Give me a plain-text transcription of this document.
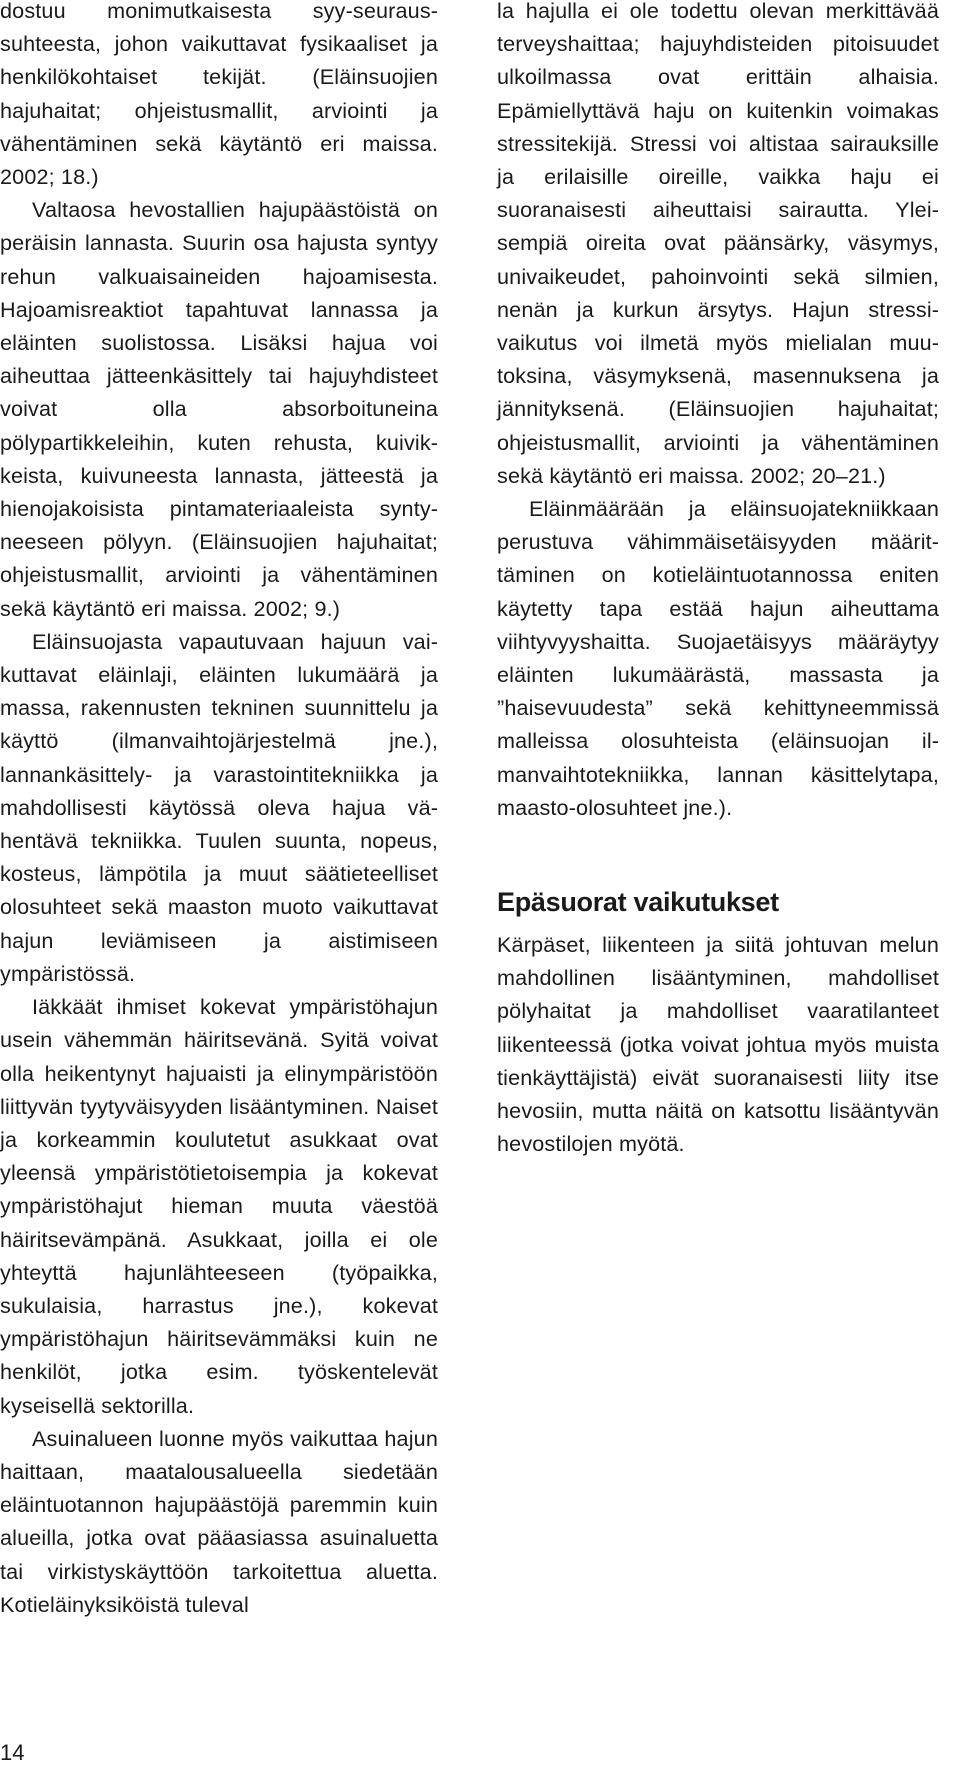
dostuu monimutkaisesta syy-seuraussuhteesta, johon vaikuttavat fysikaaliset ja henkilökohtaiset tekijät. (Eläinsuojien hajuhaitat; ohjeistusmallit, arviointi ja vähentäminen sekä käytäntö eri maissa. 2002; 18.)

Valtaosa hevostallien hajupäästöistä on peräisin lannasta. Suurin osa hajusta syntyy rehun valkuaisaineiden hajoamisesta. Hajoamisreaktiot tapahtuvat lannassa ja eläinten suolistossa. Lisäksi hajua voi aiheuttaa jätteenkäsittely tai hajuyhdisteet voivat olla absorboituneina pölypartikkeleihin, kuten rehusta, kuivikkeista, kuivuneesta lannasta, jätteestä ja hienojakoisista pintamateriaaleista syntyneeseen pölyyn. (Eläinsuojien hajuhaitat; ohjeistusmallit, arviointi ja vähentäminen sekä käytäntö eri maissa. 2002; 9.)

Eläinsuojasta vapautuvaan hajuun vaikuttavat eläinlaji, eläinten lukumäärä ja massa, rakennusten tekninen suunnittelu ja käyttö (ilmanvaihtojärjestelmä jne.), lannankäsittely- ja varastointitekniikka ja mahdollisesti käytössä oleva hajua vähentävä tekniikka. Tuulen suunta, nopeus, kosteus, lämpötila ja muut säätieteelliset olosuhteet sekä maaston muoto vaikuttavat hajun leviämiseen ja aistimiseen ympäristössä.

Iäkkäät ihmiset kokevat ympäristöhajun usein vähemmän häiritsevänä. Syitä voivat olla heikentynyt hajuaisti ja elinympäristöön liittyvän tyytyväisyyden lisääntyminen. Naiset ja korkeammin koulutetut asukkaat ovat yleensä ympäristötietoisempia ja kokevat ympäristöhajut hieman muuta väestöä häiritsevämpänä. Asukkaat, joilla ei ole yhteyttä hajunlähteeseen (työpaikka, sukulaisia, harrastus jne.), kokevat ympäristöhajun häiritsevämmäksi kuin ne henkilöt, jotka esim. työskentelevät kyseisellä sektorilla.

Asuinalueen luonne myös vaikuttaa hajun haittaan, maatalousalueella siedetään eläintuotannon hajupäästöjä paremmin kuin alueilla, jotka ovat pääasiassa asuinaluetta tai virkistyskäyttöön tarkoitettua aluetta. Kotieläinyksiköistä tuleval

la hajulla ei ole todettu olevan merkittävää terveyshaittaa; hajuyhdisteiden pitoisuudet ulkoilmassa ovat erittäin alhaisia. Epämiellyttävä haju on kuitenkin voimakas stressitekijä. Stressi voi altistaa sairauksille ja erilaisille oireille, vaikka haju ei suoranaisesti aiheuttaisi sairautta. Yleisempiä oireita ovat päänsärky, väsymys, univaikeudet, pahoinvointi sekä silmien, nenän ja kurkun ärsytys. Hajun stressivaikutus voi ilmetä myös mielialan muutoksina, väsymyksenä, masennuksena ja jännityksenä. (Eläinsuojien hajuhaitat; ohjeistusmallit, arviointi ja vähentäminen sekä käytäntö eri maissa. 2002; 20–21.)

Eläinmäärään ja eläinsuojatekniikkaan perustuva vähimmäisetäisyyden määrittäminen on kotieläintuotannossa eniten käytetty tapa estää hajun aiheuttama viihtyvyyshaitta. Suojaetäisyys määräytyy eläinten lukumäärästä, massasta ja ”haisevuudesta” sekä kehittyneemmissä malleissa olosuhteista (eläinsuojan ilmanvaihtotekniikka, lannan käsittelytapa, maasto-olosuhteet jne.).

Epäsuorat vaikutukset

Kärpäset, liikenteen ja siitä johtuvan melun mahdollinen lisääntyminen, mahdolliset pölyhaitat ja mahdolliset vaaratilanteet liikenteessä (jotka voivat johtua myös muista tienkäyttäjistä) eivät suoranaisesti liity itse hevosiin, mutta näitä on katsottu lisääntyvän hevostilojen myötä.

14
